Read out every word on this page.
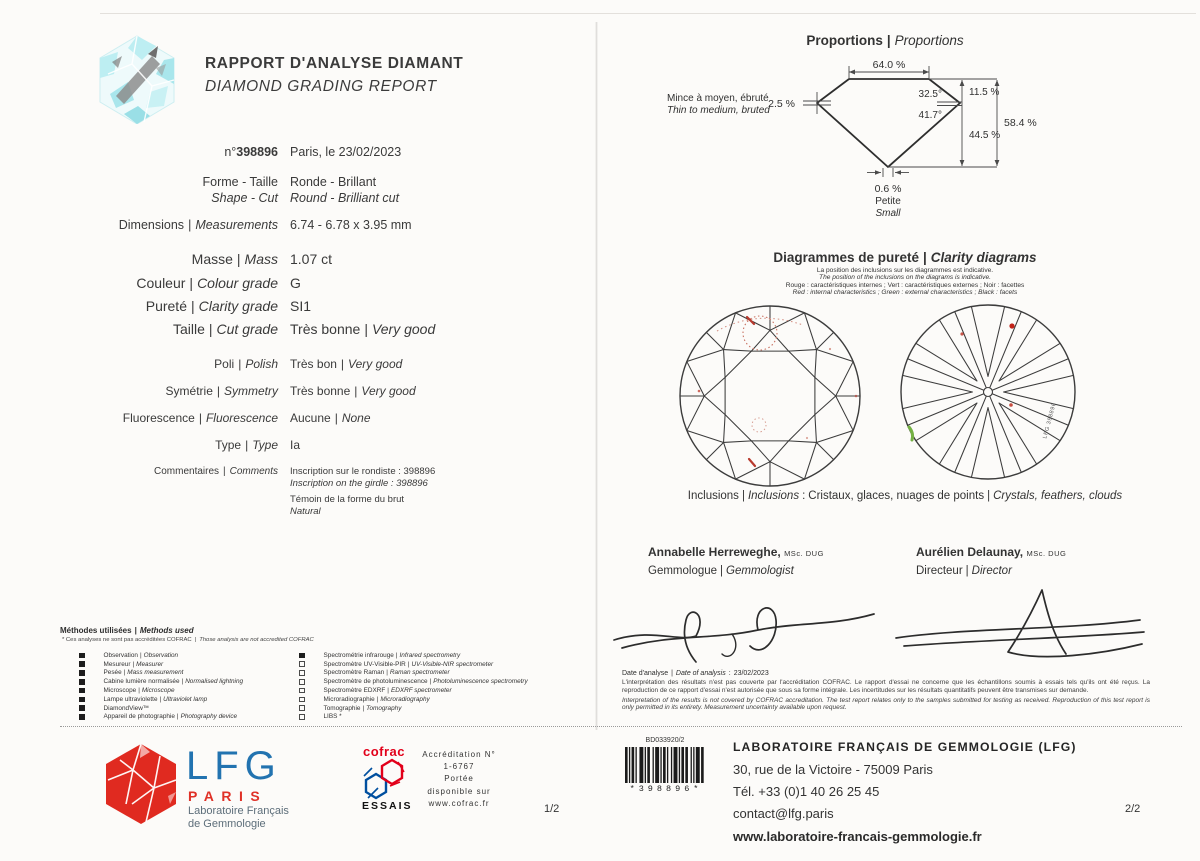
RAPPORT D'ANALYSE DIAMANT
DIAMOND GRADING REPORT
n°398896 Paris, le 23/02/2023
Forme - Taille
Shape - Cut
Ronde - Brillant
Round - Brilliant cut
Dimensions | Measurements 6.74 - 6.78 x 3.95 mm
Masse | Mass 1.07 ct
Couleur | Colour grade G
Pureté | Clarity grade SI1
Taille | Cut grade Très bonne | Very good
Poli | Polish Très bon | Very good
Symétrie | Symmetry Très bonne | Very good
Fluorescence | Fluorescence Aucune | None
Type | Type Ia
Commentaires | Comments Inscription sur le rondiste : 398896
Inscription on the girdle : 398896
Témoin de la forme du brut
Natural
Méthodes utilisées | Methods used
* Ces analyses ne sont pas accréditées COFRAC | Those analysis are not accredited COFRAC
Observation | Observation
Mesureur | Measurer
Pesée | Mass measurement
Cabine lumière normalisée | Normalised lightning
Microscope | Microscope
Lampe ultraviolette | Ultraviolet lamp
DiamondView™
Appareil de photographie | Photography device
Spectrométrie infrarouge | Infrared spectrometry
Spectromètre UV-Visible-PIR | UV-Visible-NIR spectrometer
Spectromètre Raman | Raman spectrometer
Spectromètre de photoluminescence | Photoluminescence spectrometry
Spectromètre EDXRF | EDXRF spectrometer
Microradiographie | Microradiography
Tomographie | Tomography
LIBS *
LFG
PARIS
Laboratoire Français
de Gemmologie
cofrac
ESSAIS
Accréditation N°
1-6767
Portée
disponible sur
www.cofrac.fr	1/2
Proportions | Proportions
64.0 %
2.5 %
Mince à moyen, ébruté
Thin to medium, bruted
32.5°
41.7°
11.5 %
44.5 %
58.4 %
0.6 %
Petite
Small
Diagrammes de pureté | Clarity diagrams
La position des inclusions sur les diagrammes est indicative.
The position of the inclusions on the diagrams is indicative.
Rouge : caractéristiques internes ; Vert : caractéristiques externes ; Noir : facettes
Red : internal characteristics ; Green : external characteristics ; Black : facets
LFG 398896
Inclusions | Inclusions : Cristaux, glaces, nuages de points | Crystals, feathers, clouds
Annabelle Herreweghe, MSc. DUG
Gemmologue | Gemmologist
Aurélien Delaunay, MSc. DUG
Directeur | Director
Date d'analyse | Date of analysis : 23/02/2023
L'interprétation des résultats n'est pas couverte par l'accréditation COFRAC. Le rapport d'essai ne concerne que les échantillons soumis à essais tels qu'ils ont été reçus. La reproduction de ce rapport d'essai n'est autorisée que sous sa forme intégrale. Les incertitudes sur les résultats quantitatifs peuvent être transmises sur demande.
Interpretation of the results is not covered by COFRAC accreditation. The test report relates only to the samples submitted for testing as received. Reproduction of this test report is only permitted in its entirety. Measurement uncertainty available upon request.
BD033920/2
*398896*
LABORATOIRE FRANÇAIS DE GEMMOLOGIE (LFG)
30, rue de la Victoire - 75009 Paris
Tél. +33 (0)1 40 26 25 45
contact@lfg.paris
www.laboratoire-francais-gemmologie.fr
2/2
